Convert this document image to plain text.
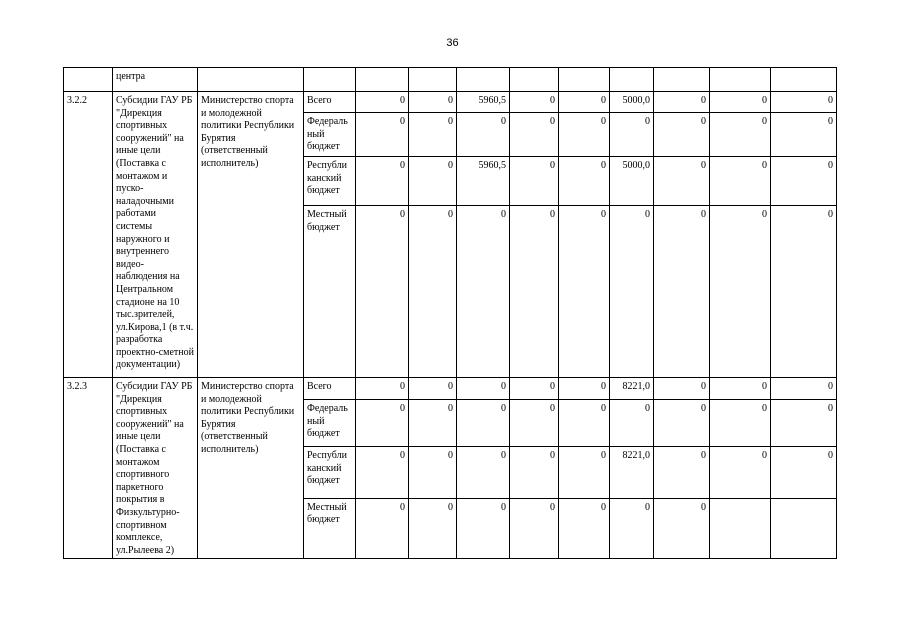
36
	центра											
3.2.2	Субсидии ГАУ РБ "Дирекция спортивных сооружений" на иные цели (Поставка с монтажом и пуско-наладочными работами системы наружного и внутреннего видео-наблюдения на Центральном стадионе на 10 тыс.зрителей, ул.Кирова,1 (в т.ч. разработка проектно-сметной документации)	Министерство спорта и молодежной политики Республики Бурятия (ответственный исполнитель)	Всего	0	0	5960,5	0	0	5000,0	0	0	0
			Федераль ный бюджет	0	0	0	0	0	0	0	0	0
			Республи канский бюджет	0	0	5960,5	0	0	5000,0	0	0	0
			Местный бюджет	0	0	0	0	0	0	0	0	0
3.2.3	Субсидии ГАУ РБ "Дирекция спортивных сооружений" на иные цели (Поставка с монтажом спортивного паркетного покрытия в Физкультурно-спортивном комплексе, ул.Рылеева 2)	Министерство спорта и молодежной политики Республики Бурятия (ответственный исполнитель)	Всего	0	0	0	0	0	8221,0	0	0	0
			Федераль ный бюджет	0	0	0	0	0	0	0	0	0
			Республи канский бюджет	0	0	0	0	0	8221,0	0	0	0
			Местный бюджет	0	0	0	0	0	0	0		
